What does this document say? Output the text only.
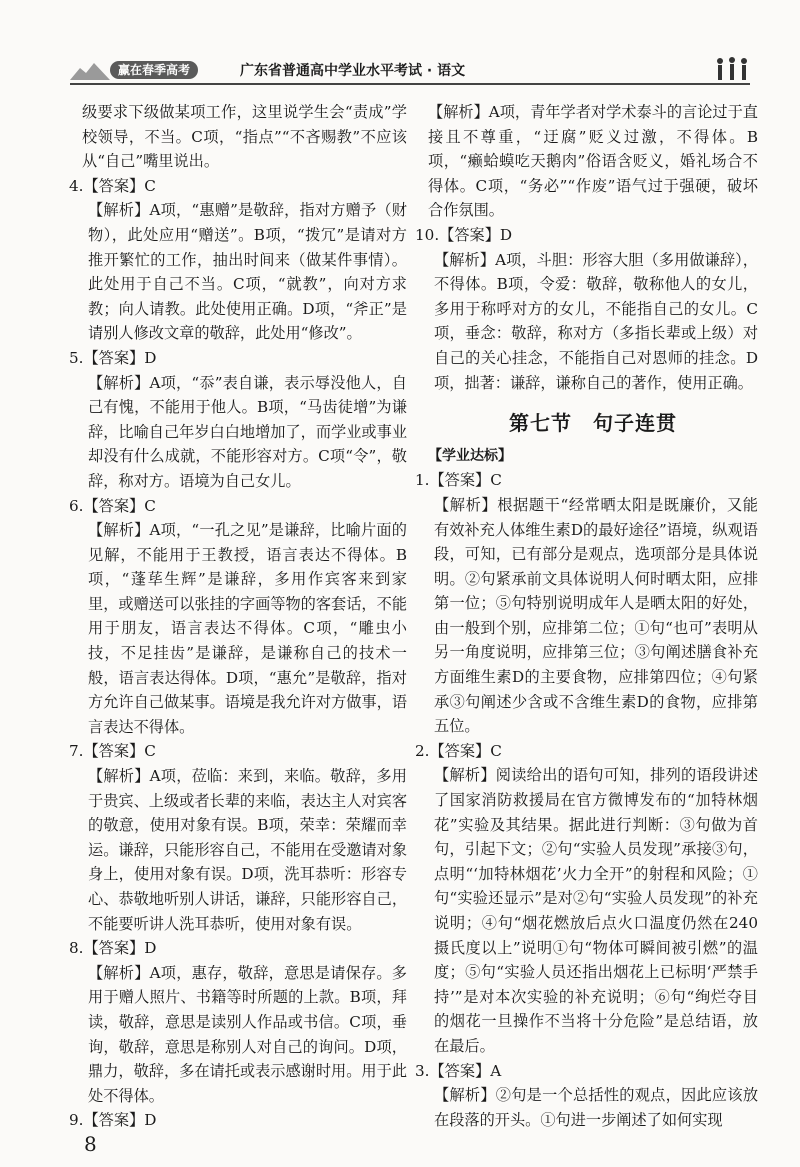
赢在春季高考	广东省普通高中学业水平考试 · 语文

级要求下级做某项工作，这里说学生会“责成”学校领导，不当。C项，“指点”“不吝赐教”不应该从“自己”嘴里说出。

4.【答案】C

【解析】A项，“惠赠”是敬辞，指对方赠予（财物），此处应用“赠送”。B项，“拨冗”是请对方推开繁忙的工作，抽出时间来（做某件事情）。此处用于自己不当。C项，“就教”，向对方求教；向人请教。此处使用正确。D项，“斧正”是请别人修改文章的敬辞，此处用“修改”。

5.【答案】D

【解析】A项，“忝”表自谦，表示辱没他人，自己有愧，不能用于他人。B项，“马齿徒增”为谦辞，比喻自己年岁白白地增加了，而学业或事业却没有什么成就，不能形容对方。C项“令”，敬辞，称对方。语境为自己女儿。

6.【答案】C

【解析】A项，“一孔之见”是谦辞，比喻片面的见解，不能用于王教授，语言表达不得体。B项，“蓬荜生辉”是谦辞，多用作宾客来到家里，或赠送可以张挂的字画等物的客套话，不能用于朋友，语言表达不得体。C项，“雕虫小技，不足挂齿”是谦辞，是谦称自己的技术一般，语言表达得体。D项，“惠允”是敬辞，指对方允许自己做某事。语境是我允许对方做事，语言表达不得体。

7.【答案】C

【解析】A项，莅临：来到，来临。敬辞，多用于贵宾、上级或者长辈的来临，表达主人对宾客的敬意，使用对象有误。B项，荣幸：荣耀而幸运。谦辞，只能形容自己，不能用在受邀请对象身上，使用对象有误。D项，洗耳恭听：形容专心、恭敬地听别人讲话，谦辞，只能形容自己，不能要听讲人洗耳恭听，使用对象有误。

8.【答案】D

【解析】A项，惠存，敬辞，意思是请保存。多用于赠人照片、书籍等时所题的上款。B项，拜读，敬辞，意思是读别人作品或书信。C项，垂询，敬辞，意思是称别人对自己的询问。D项，鼎力，敬辞，多在请托或表示感谢时用。用于此处不得体。

9.【答案】D

【解析】A项，青年学者对学术泰斗的言论过于直接且不尊重，“迂腐”贬义过激，不得体。B项，“癞蛤蟆吃天鹅肉”俗语含贬义，婚礼场合不得体。C项，“务必”“作废”语气过于强硬，破坏合作氛围。

10.【答案】D

【解析】A项，斗胆：形容大胆（多用做谦辞），不得体。B项，令爱：敬辞，敬称他人的女儿，多用于称呼对方的女儿，不能指自己的女儿。C项，垂念：敬辞，称对方（多指长辈或上级）对自己的关心挂念，不能指自己对恩师的挂念。D项，拙著：谦辞，谦称自己的著作，使用正确。

第七节　句子连贯

【学业达标】

1.【答案】C

【解析】根据题干“经常晒太阳是既廉价，又能有效补充人体维生素D的最好途径”语境，纵观语段，可知，已有部分是观点，选项部分是具体说明。②句紧承前文具体说明人何时晒太阳，应排第一位；⑤句特别说明成年人是晒太阳的好处，由一般到个别，应排第二位；①句“也可”表明从另一角度说明，应排第三位；③句阐述膳食补充方面维生素D的主要食物，应排第四位；④句紧承③句阐述少含或不含维生素D的食物，应排第五位。

2.【答案】C

【解析】阅读给出的语句可知，排列的语段讲述了国家消防救援局在官方微博发布的“加特林烟花”实验及其结果。据此进行判断：③句做为首句，引起下文；②句“实验人员发现”承接③句，点明“‘加特林烟花’火力全开”的射程和风险；①句“实验还显示”是对②句“实验人员发现”的补充说明；④句“烟花燃放后点火口温度仍然在240摄氏度以上”说明①句“物体可瞬间被引燃”的温度；⑤句“实验人员还指出烟花上已标明‘严禁手持’”是对本次实验的补充说明；⑥句“绚烂夺目的烟花一旦操作不当将十分危险”是总结语，放在最后。

3.【答案】A

【解析】②句是一个总括性的观点，因此应该放在段落的开头。①句进一步阐述了如何实现

8
